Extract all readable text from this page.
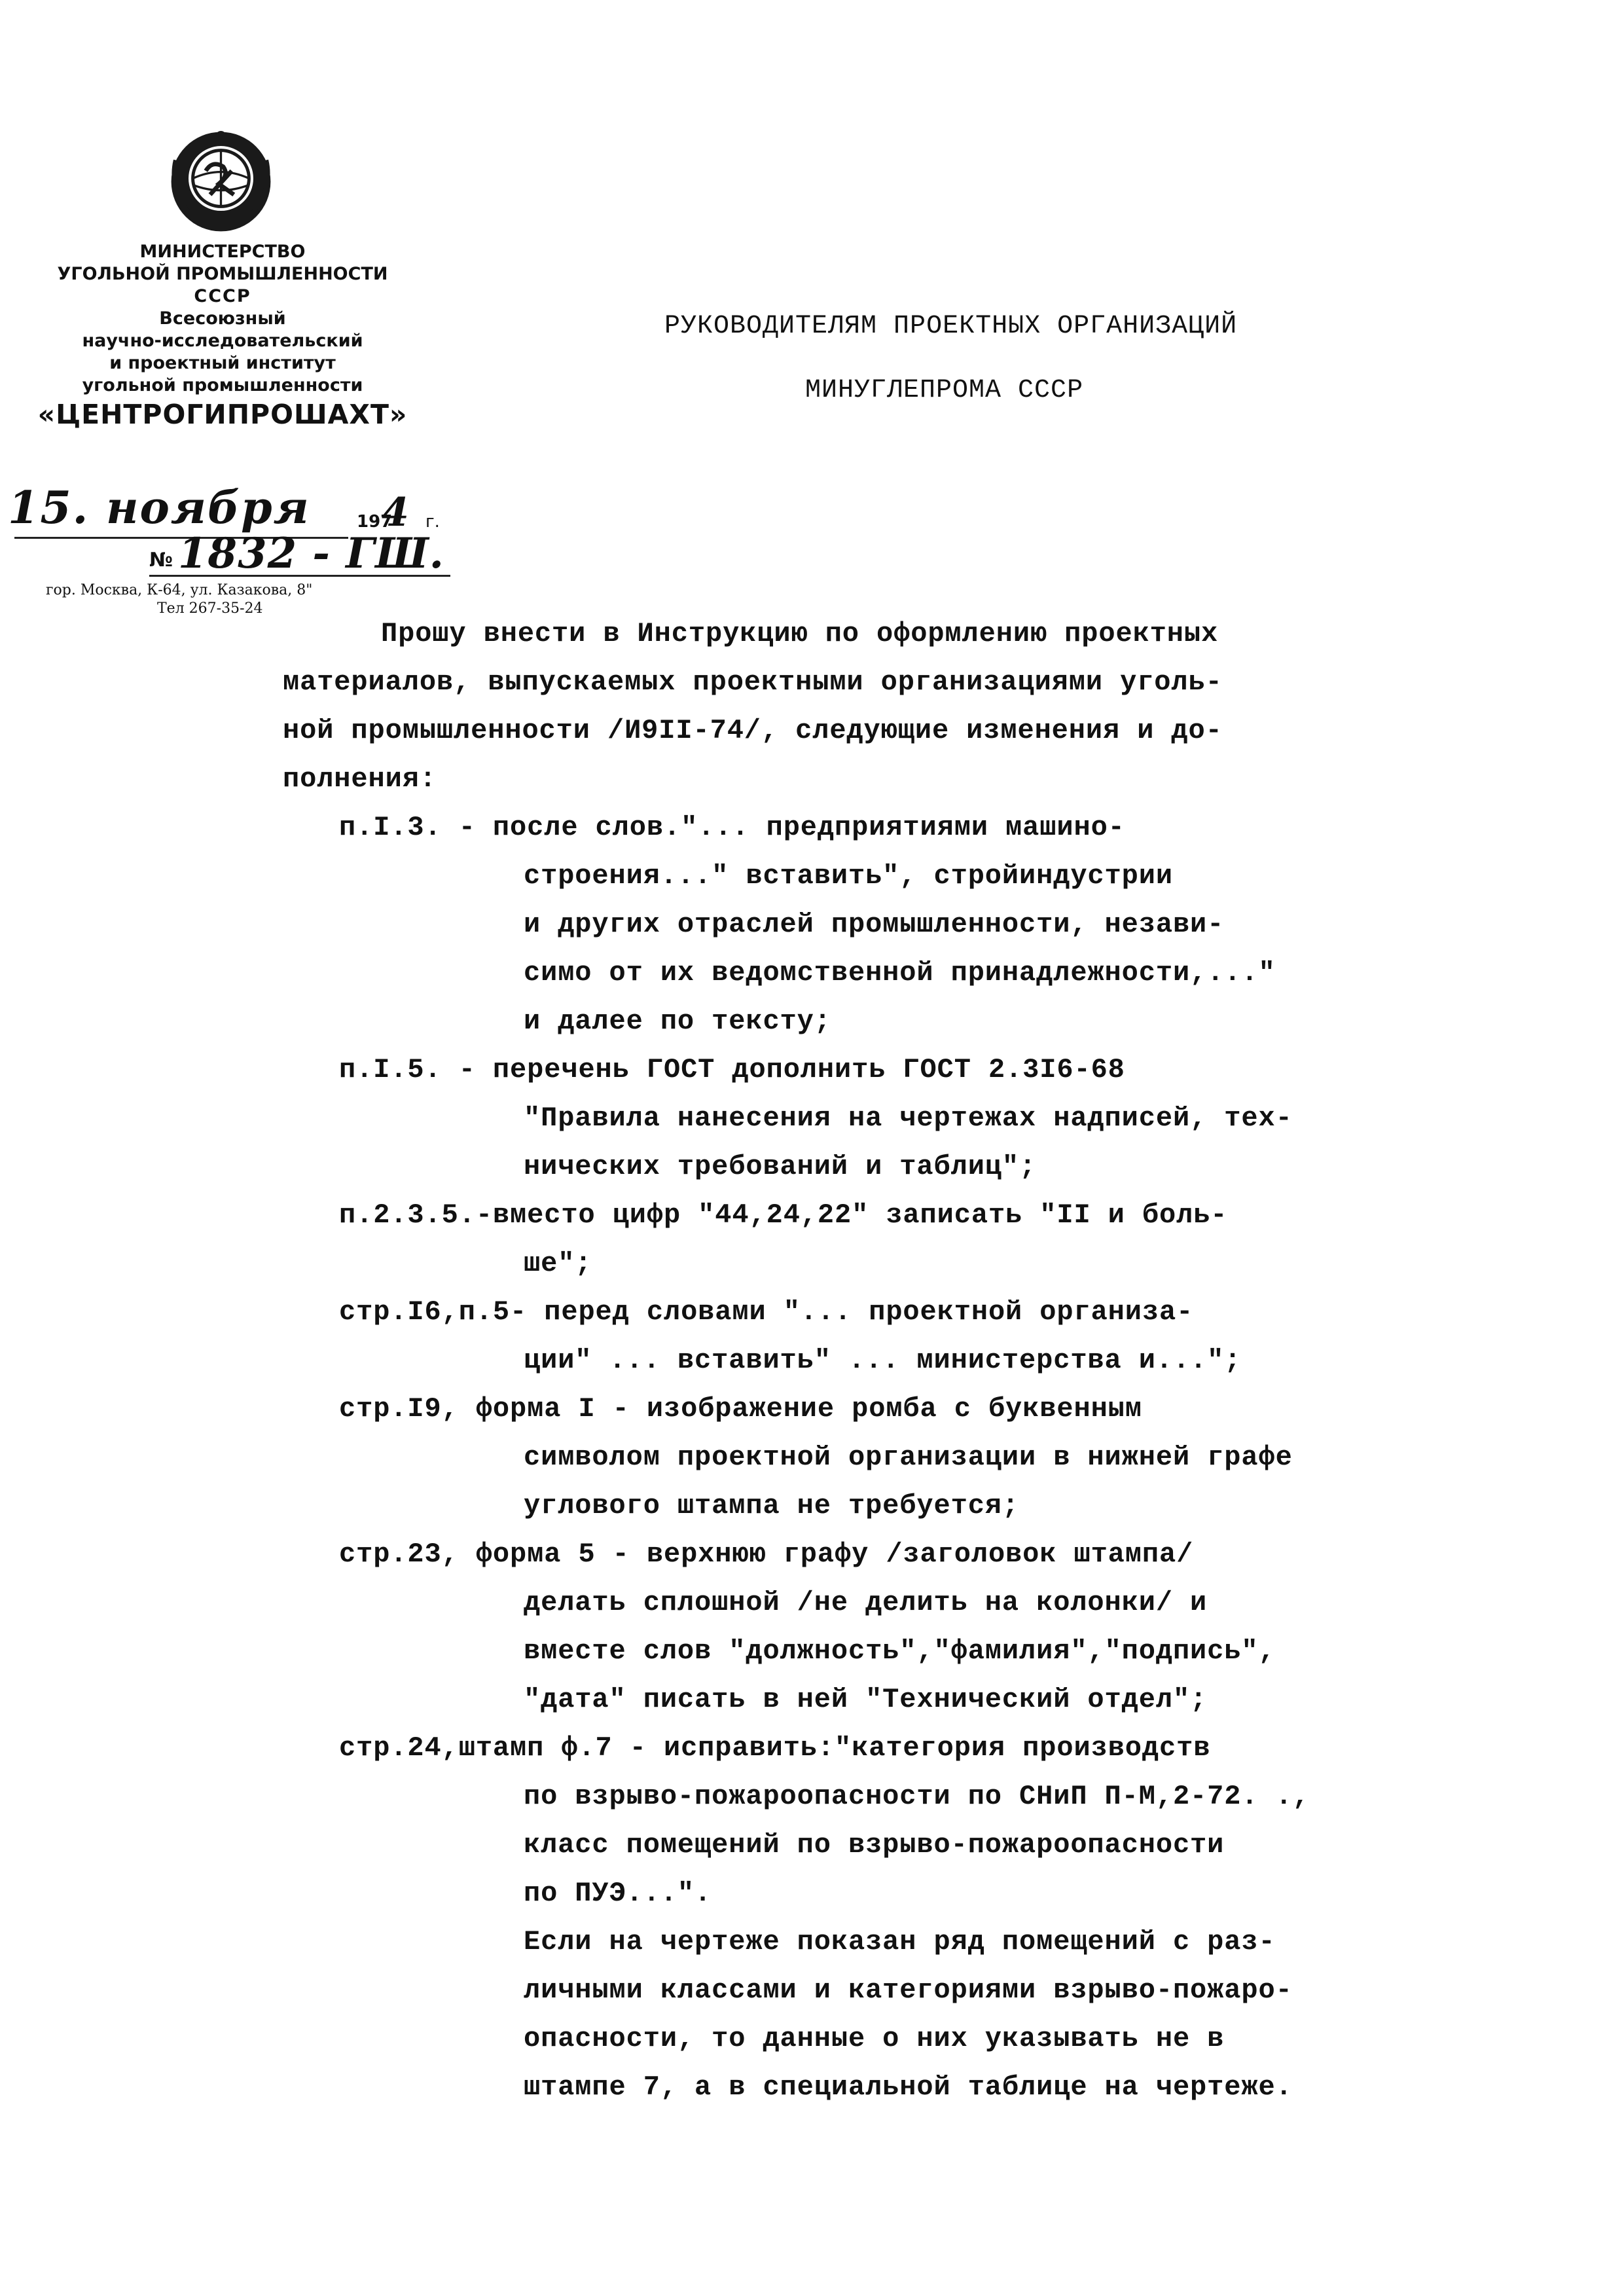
МИНИСТЕРСТВО
УГОЛЬНОЙ ПРОМЫШЛЕННОСТИ
СССР
Всесоюзный
научно-исследовательский
и проектный институт
угольной промышленности
«ЦЕНТРОГИПРОШАХТ»
15. ноября	197
4 г.
№ 1832 - ГШ.
гор. Москва, К-64, ул. Казакова, 8"
Тел 267-35-24
РУКОВОДИТЕЛЯМ ПРОЕКТНЫХ ОРГАНИЗАЦИЙ
МИНУГЛЕПРОМА СССР
Прошу внести в Инструкцию по оформлению проектных
материалов, выпускаемых проектными организациями уголь-
ной промышленности /И9II-74/, следующие изменения и до-
полнения:
п.I.3. - после слов."... предприятиями машино-
строения..." вставить", стройиндустрии
и других отраслей промышленности, незави-
симо от их ведомственной принадлежности,..."
и далее по тексту;
п.I.5. - перечень ГОСТ дополнить ГОСТ 2.3I6-68
"Правила нанесения на чертежах надписей, тех-
нических требований и таблиц";
п.2.3.5.-вместо цифр "44,24,22" записать "II и боль-
ше";
стр.I6,п.5- перед словами "... проектной организа-
ции" ... вставить" ... министерства и...";
стр.I9, форма I - изображение ромба с буквенным
символом проектной организации в нижней графе
углового штампа не требуется;
стр.23, форма 5 - верхнюю графу /заголовок штампа/
делать сплошной /не делить на колонки/ и
вместе слов "должность","фамилия","подпись",
"дата" писать в ней "Технический отдел";
стр.24,штамп ф.7 - исправить:"категория производств
по взрыво-пожароопасности по СНиП П-М,2-72. .,
класс помещений по взрыво-пожароопасности
по ПУЭ...".
Если на чертеже показан ряд помещений с раз-
личными классами и категориями взрыво-пожаро-
опасности, то данные о них указывать не в
штампе 7, а в специальной таблице на чертеже.
